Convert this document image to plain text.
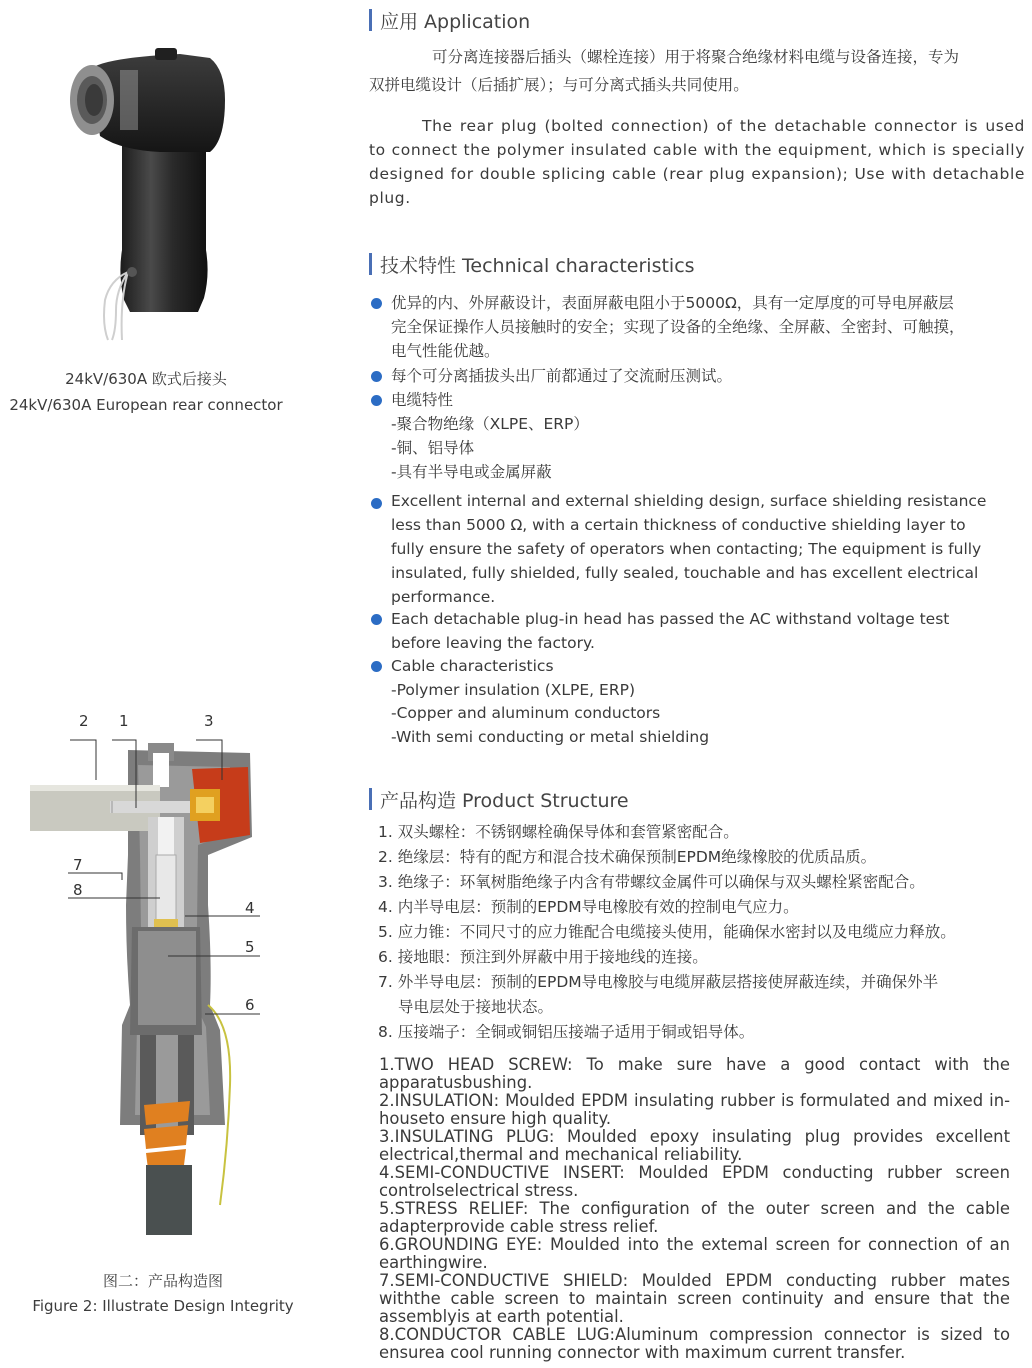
24kV/630A 欧式后接头
24kV/630A European rear connector
2 1	3
7
8
4
5
6
图二：产品构造图
Figure 2: Illustrate Design Integrity
应用 Application
可分离连接器后插头（螺栓连接）用于将聚合绝缘材料电缆与设备连接，专为
双拼电缆设计（后插扩展）；与可分离式插头共同使用。
The rear plug (bolted connection) of the detachable connector is used to connect the polymer insulated cable with the equipment, which is specially designed for double splicing cable (rear plug expansion); Use with detachable plug.
技术特性 Technical characteristics
优异的内、外屏蔽设计，表面屏蔽电阻小于5000Ω，具有一定厚度的可导电屏蔽层
完全保证操作人员接触时的安全；实现了设备的全绝缘、全屏蔽、全密封、可触摸，
电气性能优越。
每个可分离插拔头出厂前都通过了交流耐压测试。
电缆特性
-聚合物绝缘（XLPE、ERP）
-铜、铝导体
-具有半导电或金属屏蔽
Excellent internal and external shielding design, surface shielding resistance
less than 5000 Ω, with a certain thickness of conductive shielding layer to
fully ensure the safety of operators when contacting; The equipment is fully
insulated, fully shielded, fully sealed, touchable and has excellent electrical
performance.
Each detachable plug-in head has passed the AC withstand voltage test
before leaving the factory.
Cable characteristics
-Polymer insulation (XLPE, ERP)
-Copper and aluminum conductors
-With semi conducting or metal shielding
产品构造 Product Structure
1. 双头螺栓：不锈钢螺栓确保导体和套管紧密配合。
2. 绝缘层：特有的配方和混合技术确保预制EPDM绝缘橡胶的优质品质。
3. 绝缘子：环氧树脂绝缘子内含有带螺纹金属件可以确保与双头螺栓紧密配合。
4. 内半导电层：预制的EPDM导电橡胶有效的控制电气应力。
5. 应力锥：不同尺寸的应力锥配合电缆接头使用，能确保水密封以及电缆应力释放。
6. 接地眼：预注到外屏蔽中用于接地线的连接。
7. 外半导电层：预制的EPDM导电橡胶与电缆屏蔽层搭接使屏蔽连续，并确保外半
导电层处于接地状态。
8. 压接端子：全铜或铜铝压接端子适用于铜或铝导体。
1.TWO HEAD SCREW: To make sure have a good contact with the apparatusbushing.
2.INSULATION: Moulded EPDM insulating rubber is formulated and mixed in-houseto ensure high quality.
3.INSULATING PLUG: Moulded epoxy insulating plug provides excellent electrical,thermal and mechanical reliability.
4.SEMI-CONDUCTIVE INSERT: Moulded EPDM conducting rubber screen controlselectrical stress.
5.STRESS RELIEF: The configuration of the outer screen and the cable adapterprovide cable stress relief.
6.GROUNDING EYE: Moulded into the extemal screen for connection of an earthingwire.
7.SEMI-CONDUCTIVE SHIELD: Moulded EPDM conducting rubber mates withthe cable screen to maintain screen continuity and ensure that the assemblyis at earth potential.
8.CONDUCTOR CABLE LUG:Aluminum compression connector is sized to ensurea cool running connector with maximum current transfer.
